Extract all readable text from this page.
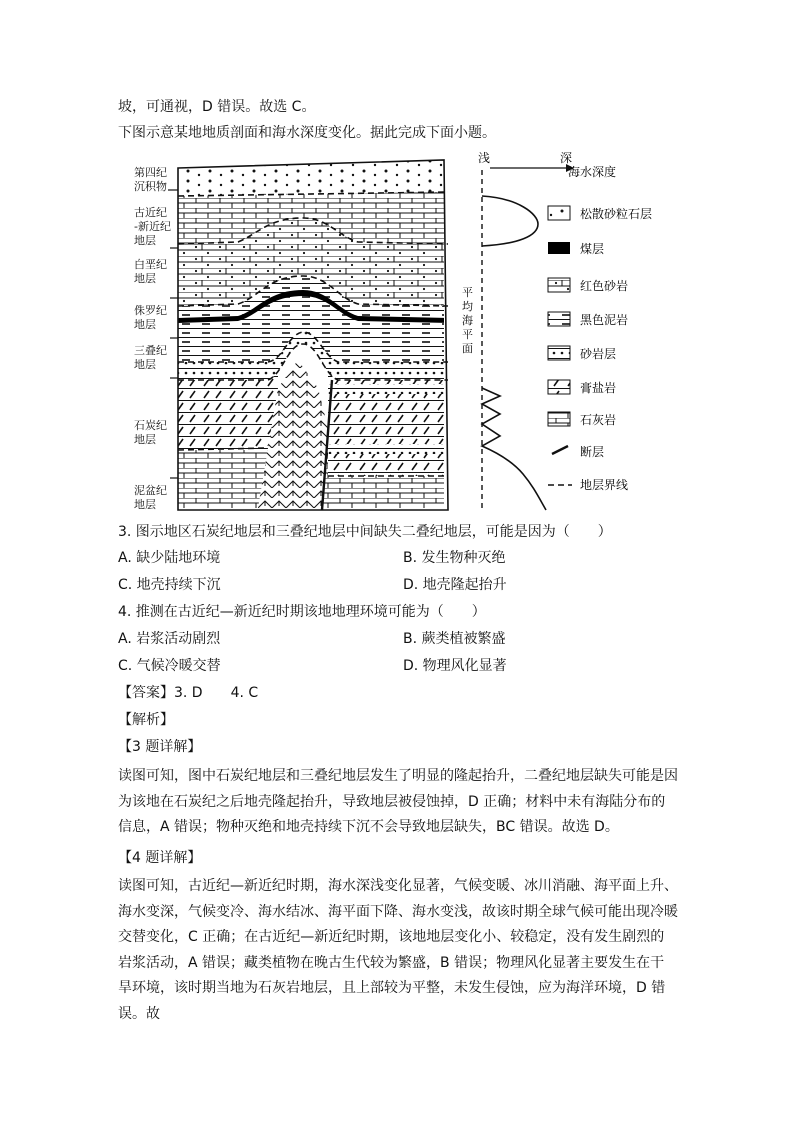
坡，可通视，D 错误。故选 C。
下图示意某地地质剖面和海水深度变化。据此完成下面小题。
第四纪沉积物
古近纪-新近纪地层
白垩纪地层
侏罗纪地层
三叠纪地层
石炭纪地层
泥盆纪地层
浅	深
海水深度
平
均
海
平
面
松散砂粒石层
煤层
红色砂岩
黑色泥岩
砂岩层
膏盐岩
石灰岩
断层
地层界线
3. 图示地区石炭纪地层和三叠纪地层中间缺失二叠纪地层，可能是因为（　　）
A. 缺少陆地环境	B. 发生物种灭绝
C. 地壳持续下沉	D. 地壳隆起抬升
4. 推测在古近纪—新近纪时期该地地理环境可能为（　　）
A. 岩浆活动剧烈	B. 蕨类植被繁盛
C. 气候冷暖交替	D. 物理风化显著
【答案】3. D　　4. C
【解析】
【3 题详解】
读图可知，图中石炭纪地层和三叠纪地层发生了明显的隆起抬升，二叠纪地层缺失可能是因为该地在石炭纪之后地壳隆起抬升，导致地层被侵蚀掉，D 正确；材料中未有海陆分布的信息，A 错误；物种灭绝和地壳持续下沉不会导致地层缺失，BC 错误。故选 D。
【4 题详解】
读图可知，古近纪—新近纪时期，海水深浅变化显著，气候变暖、冰川消融、海平面上升、海水变深，气候变冷、海水结冰、海平面下降、海水变浅，故该时期全球气候可能出现冷暖交替变化，C 正确；在古近纪—新近纪时期，该地地层变化小、较稳定，没有发生剧烈的岩浆活动，A 错误；藏类植物在晚古生代较为繁盛，B 错误；物理风化显著主要发生在干旱环境，该时期当地为石灰岩地层，且上部较为平整，未发生侵蚀，应为海洋环境，D 错误。故
